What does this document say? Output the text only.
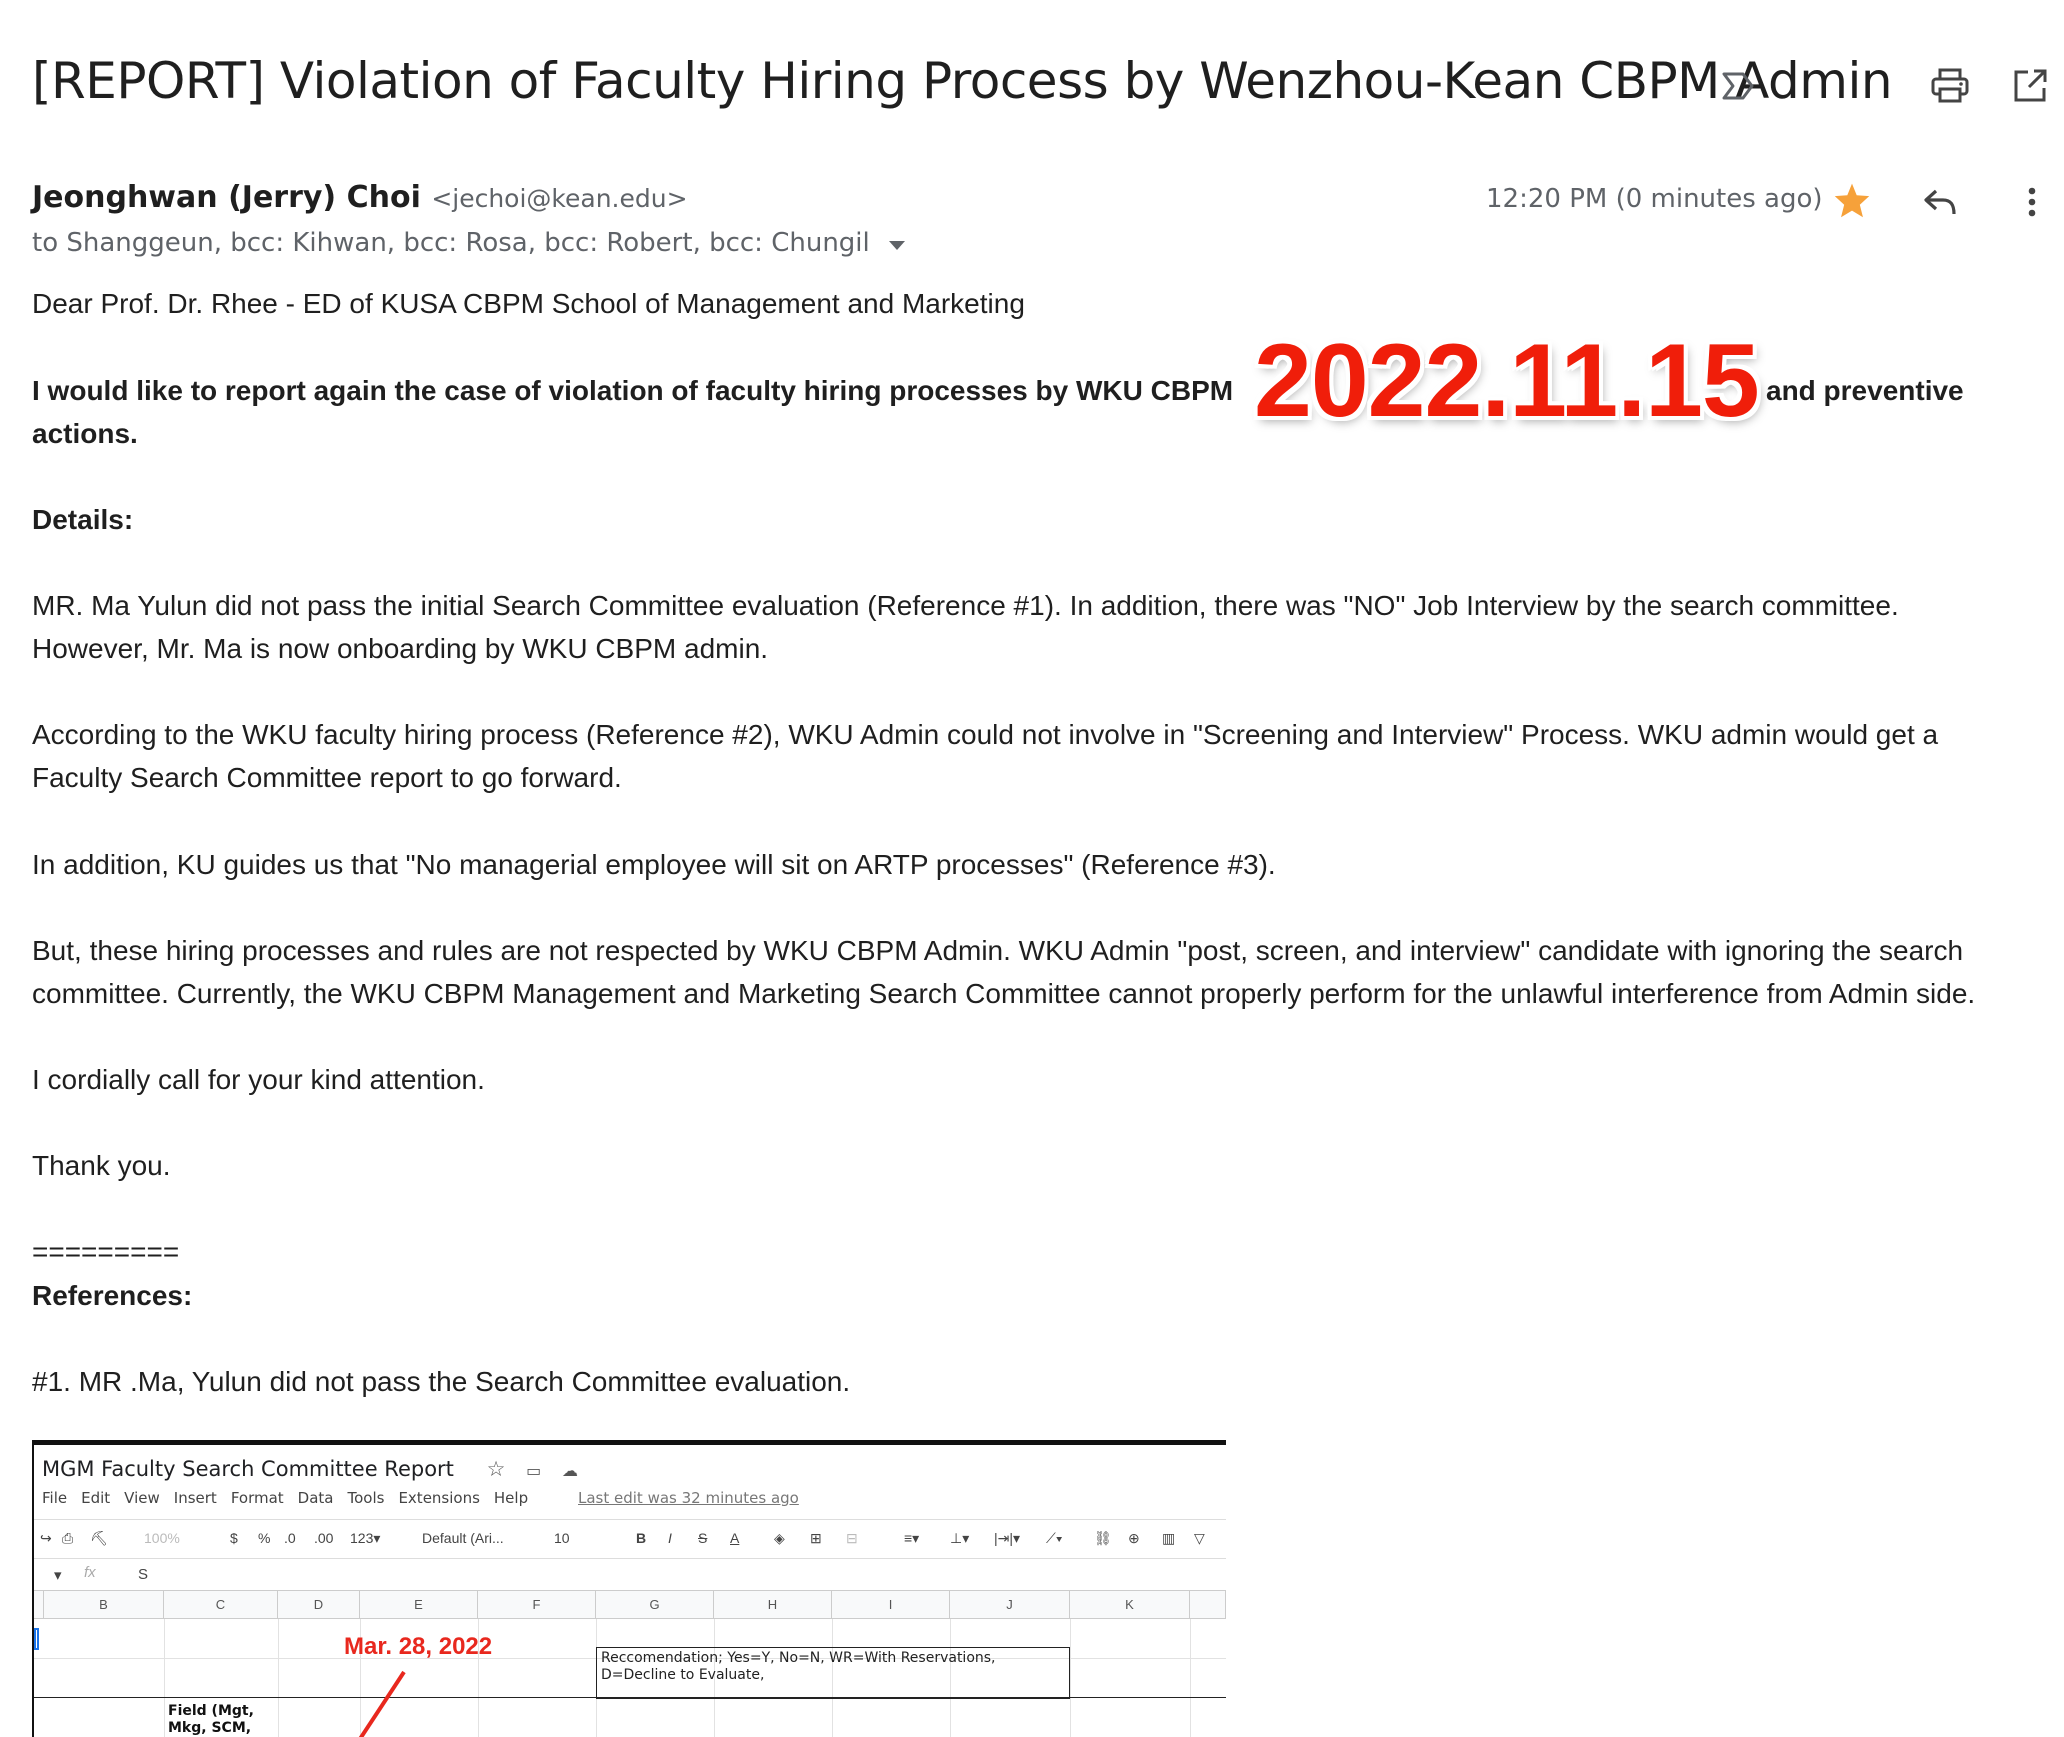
[REPORT] Violation of Faculty Hiring Process by Wenzhou-Kean CBPM Admin
Jeonghwan (Jerry) Choi <jechoi@kean.edu>
to Shanggeun, bcc: Kihwan, bcc: Rosa, bcc: Robert, bcc: Chungil
12:20 PM (0 minutes ago)
Dear Prof. Dr. Rhee - ED of KUSA CBPM School of Management and Marketing
I would like to report again the case of violation of faculty hiring processes by WKU CBPM	and preventive
actions.
Details:
MR. Ma Yulun did not pass the initial Search Committee evaluation (Reference #1). In addition, there was "NO" Job Interview by the search committee.
However, Mr. Ma is now onboarding by WKU CBPM admin.
According to the WKU faculty hiring process (Reference #2), WKU Admin could not involve in "Screening and Interview" Process. WKU admin would get a
Faculty Search Committee report to go forward.
In addition, KU guides us that "No managerial employee will sit on ARTP processes" (Reference #3).
But, these hiring processes and rules are not respected by WKU CBPM Admin. WKU Admin "post, screen, and interview" candidate with ignoring the search
committee. Currently, the WKU CBPM Management and Marketing Search Committee cannot properly perform for the unlawful interference from Admin side.
I cordially call for your kind attention.
Thank you.
=========
References:
#1. MR .Ma, Yulun did not pass the Search Committee evaluation.
2022.11.15
MGM Faculty Search Committee Report ☆ ▭ ☁
File Edit View Insert Format Data Tools Extensions Help	Last edit was 32 minutes ago
↪ ⎙ ⛏	100%	$ % .0 .00 123▾	Default (Ari...	10	B I S A ◈ ⊞ ⊟	≡▾ ⊥▾ |⇥|▾ ⟋▾ ⛓ ⊕ ▥ ▽
▾ fx	S
B	C	D	E	F	G	H	I	J	K
Reccomendation; Yes=Y, No=N, WR=With Reservations,
D=Decline to Evaluate,
Field (Mgt,
Mkg, SCM,
Mar. 28, 2022
